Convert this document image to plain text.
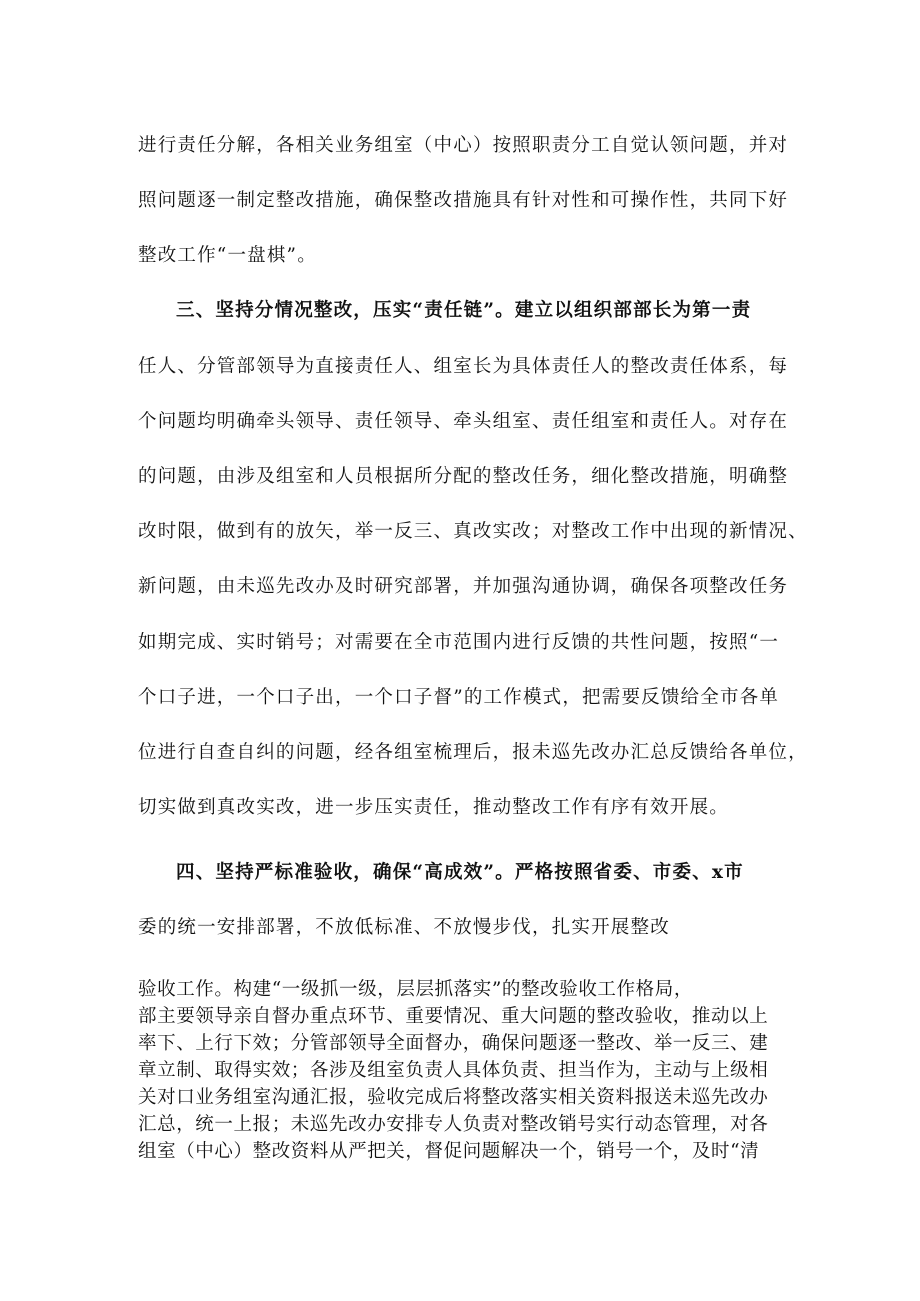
进行责任分解，各相关业务组室（中心）按照职责分工自觉认领问题，并对
照问题逐一制定整改措施，确保整改措施具有针对性和可操作性，共同下好
整改工作“一盘棋”。
三、坚持分情况整改，压实“责任链”。建立以组织部部长为第一责
任人、分管部领导为直接责任人、组室长为具体责任人的整改责任体系，每
个问题均明确牵头领导、责任领导、牵头组室、责任组室和责任人。对存在
的问题，由涉及组室和人员根据所分配的整改任务，细化整改措施，明确整
改时限，做到有的放矢，举一反三、真改实改；对整改工作中出现的新情况、
新问题，由未巡先改办及时研究部署，并加强沟通协调，确保各项整改任务
如期完成、实时销号；对需要在全市范围内进行反馈的共性问题，按照“一
个口子进，一个口子出，一个口子督”的工作模式，把需要反馈给全市各单
位进行自查自纠的问题，经各组室梳理后，报未巡先改办汇总反馈给各单位，
切实做到真改实改，进一步压实责任，推动整改工作有序有效开展。
四、坚持严标准验收，确保“高成效”。严格按照省委、市委、x市
委的统一安排部署，不放低标准、不放慢步伐，扎实开展整改
验收工作。构建“一级抓一级，层层抓落实”的整改验收工作格局，
部主要领导亲自督办重点环节、重要情况、重大问题的整改验收，推动以上
率下、上行下效；分管部领导全面督办，确保问题逐一整改、举一反三、建
章立制、取得实效；各涉及组室负责人具体负责、担当作为，主动与上级相
关对口业务组室沟通汇报，验收完成后将整改落实相关资料报送未巡先改办
汇总，统一上报；未巡先改办安排专人负责对整改销号实行动态管理，对各
组室（中心）整改资料从严把关，督促问题解决一个，销号一个，及时“清
